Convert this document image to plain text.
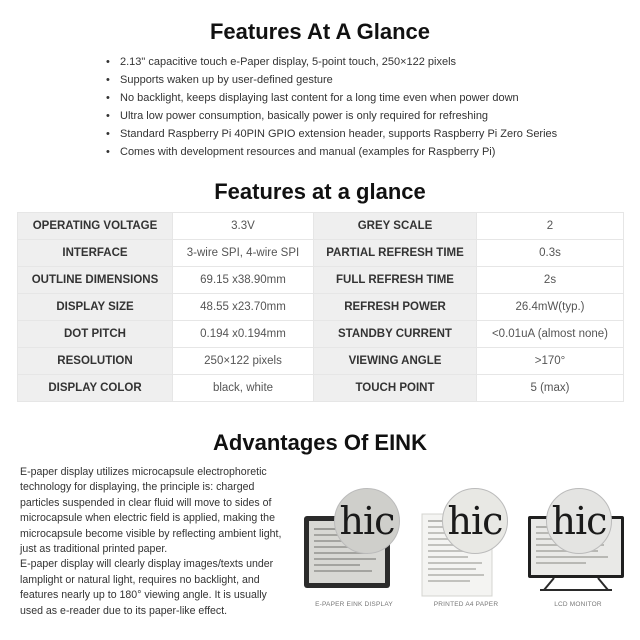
Features At A Glance
• 2.13" capacitive touch e-Paper display, 5-point touch, 250×122 pixels
• Supports waken up by user-defined gesture
• No backlight, keeps displaying last content for a long time even when power down
• Ultra low power consumption, basically power is only required for refreshing
• Standard Raspberry Pi 40PIN GPIO extension header, supports Raspberry Pi Zero Series
• Comes with development resources and manual (examples for Raspberry Pi)
Features at a glance
OPERATING VOLTAGE	3.3V	GREY SCALE	2
INTERFACE	3-wire SPI, 4-wire SPI	PARTIAL REFRESH TIME	0.3s
OUTLINE DIMENSIONS	69.15 x38.90mm	FULL REFRESH TIME	2s
DISPLAY SIZE	48.55 x23.70mm	REFRESH POWER	26.4mW(typ.)
DOT PITCH	0.194 x0.194mm	STANDBY CURRENT	<0.01uA (almost none)
RESOLUTION	250×122 pixels	VIEWING ANGLE	>170°
DISPLAY COLOR	black, white	TOUCH POINT	5 (max)
Advantages Of EINK

E-paper display utilizes microcapsule electrophoretic technology for displaying, the principle is: charged particles suspended in clear fluid will move to sides of microcapsule when electric field is applied, making the microcapsule become visible by reflecting ambient light, just as traditional printed paper.

E-paper display will clearly display images/texts under lamplight or natural light, requires no backlight, and features nearly up to 180° viewing angle. It is usually used as e-reader due to its paper-like effect.

hic
E-PAPER EINK DISPLAY
hic
PRINTED A4 PAPER
hic
LCD MONITOR
